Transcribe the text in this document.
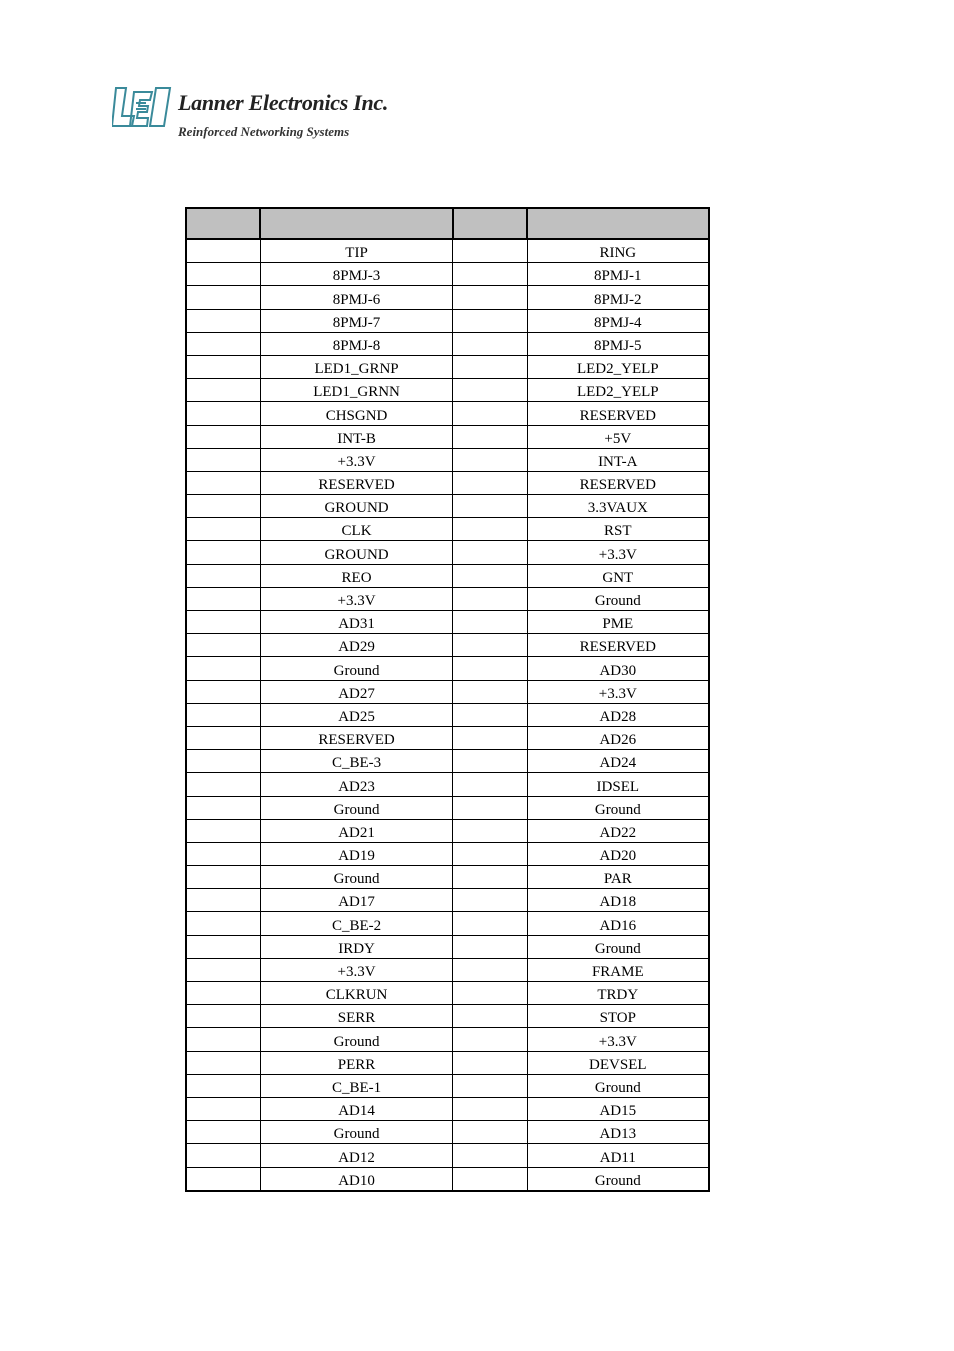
Lanner Electronics Inc.
Reinforced Networking Systems

	TIP		RING
	8PMJ-3		8PMJ-1
	8PMJ-6		8PMJ-2
	8PMJ-7		8PMJ-4
	8PMJ-8		8PMJ-5
	LED1_GRNP		LED2_YELP
	LED1_GRNN		LED2_YELP
	CHSGND		RESERVED
	INT-B		+5V
	+3.3V		INT-A
	RESERVED		RESERVED
	GROUND		3.3VAUX
	CLK		RST
	GROUND		+3.3V
	REO		GNT
	+3.3V		Ground
	AD31		PME
	AD29		RESERVED
	Ground		AD30
	AD27		+3.3V
	AD25		AD28
	RESERVED		AD26
	C_BE-3		AD24
	AD23		IDSEL
	Ground		Ground
	AD21		AD22
	AD19		AD20
	Ground		PAR
	AD17		AD18
	C_BE-2		AD16
	IRDY		Ground
	+3.3V		FRAME
	CLKRUN		TRDY
	SERR		STOP
	Ground		+3.3V
	PERR		DEVSEL
	C_BE-1		Ground
	AD14		AD15
	Ground		AD13
	AD12		AD11
	AD10		Ground
